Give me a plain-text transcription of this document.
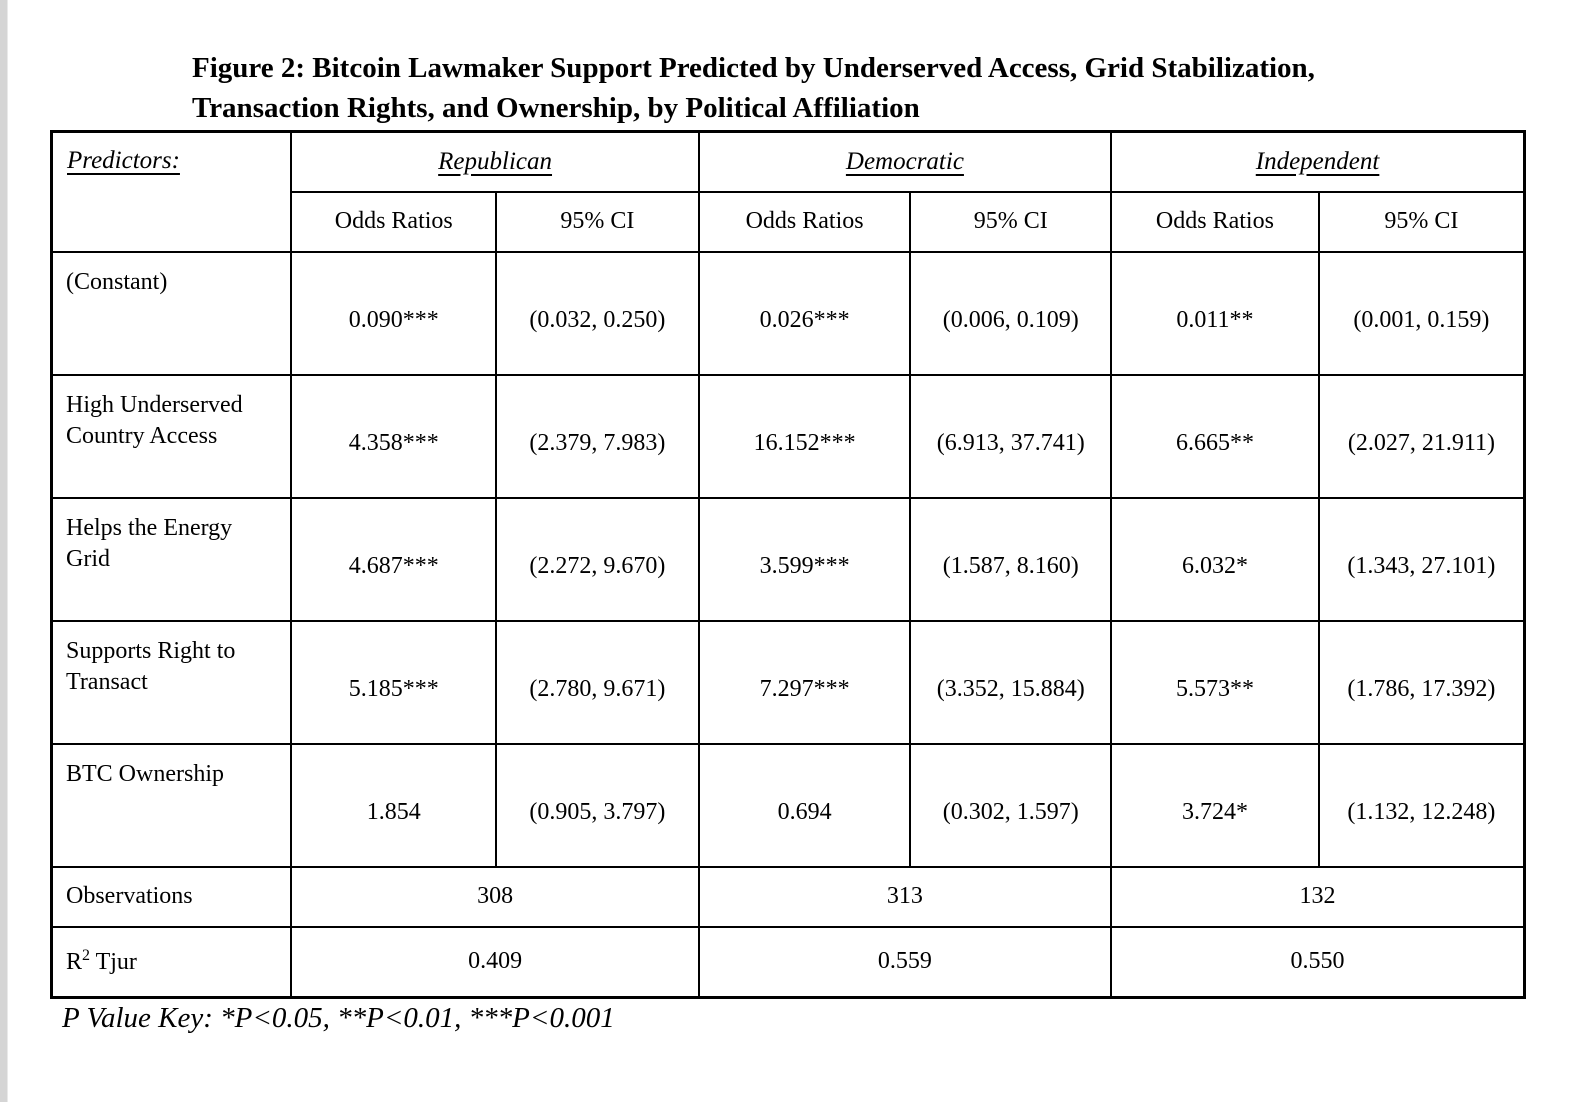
Figure 2: Bitcoin Lawmaker Support Predicted by Underserved Access, Grid Stabilization,
Transaction Rights, and Ownership, by Political Affiliation
Predictors:	Republican		Democratic		Independent	
	Odds Ratios	95% CI	Odds Ratios	95% CI	Odds Ratios	95% CI
(Constant)	0.090***	(0.032, 0.250)	0.026***	(0.006, 0.109)	0.011**	(0.001, 0.159)
High Underserved Country Access	4.358***	(2.379, 7.983)	16.152***	(6.913, 37.741)	6.665**	(2.027, 21.911)
Helps the Energy Grid	4.687***	(2.272, 9.670)	3.599***	(1.587, 8.160)	6.032*	(1.343, 27.101)
Supports Right to Transact	5.185***	(2.780, 9.671)	7.297***	(3.352, 15.884)	5.573**	(1.786, 17.392)
BTC Ownership	1.854	(0.905, 3.797)	0.694	(0.302, 1.597)	3.724*	(1.132, 12.248)
Observations	308		313		132	
$R^2$ Tjur	0.409		0.559		0.550	
P Value Key: *P<0.05, **P<0.01, ***P<0.001
